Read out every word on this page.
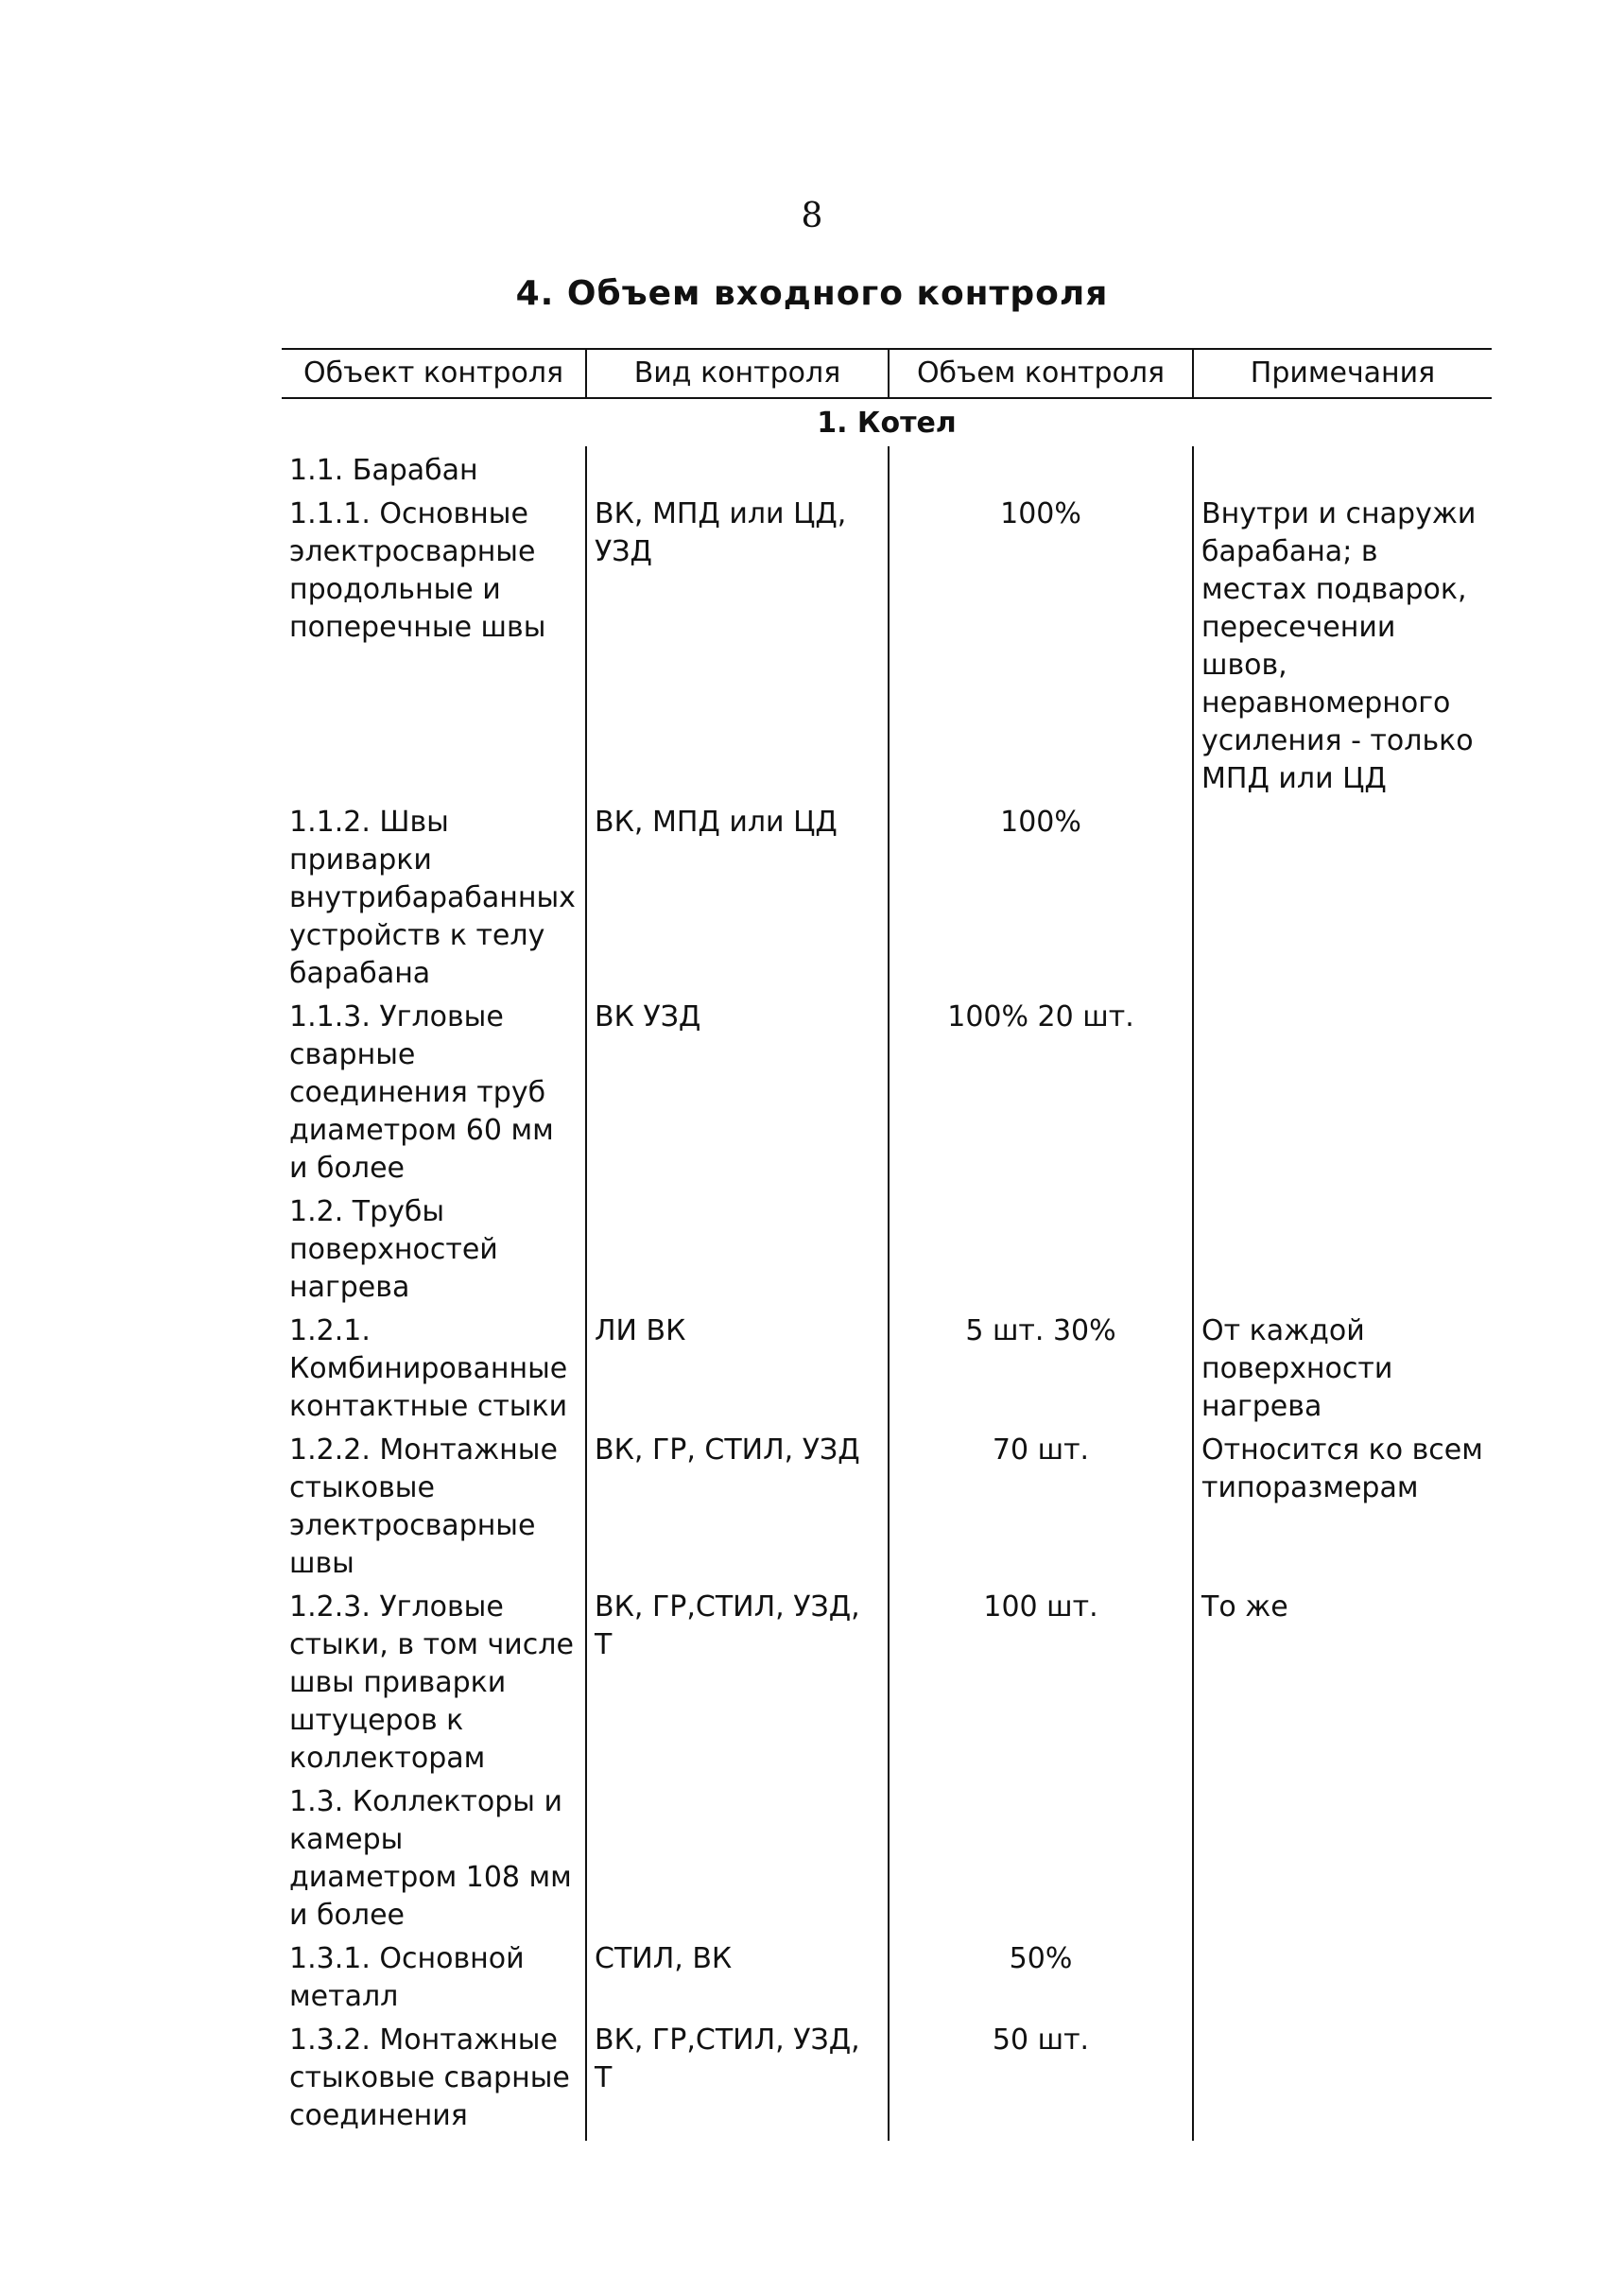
8
4. Объем входного контроля
Объект контроля	Вид контроля	Объем контроля	Примечания
1. Котел			
1.1. Барабан			
1.1.1. Основные электросварные продольные и поперечные швы	ВК, МПД или ЦД, УЗД	100%	Внутри и снаружи барабана; в местах подварок, пересечении швов, неравномерного усиления - только МПД или ЦД
1.1.2. Швы приварки внутрибарабанных устройств к телу барабана	ВК, МПД или ЦД	100%	
1.1.3. Угловые сварные соединения труб диаметром 60 мм и более	ВК УЗД	100% 20 шт.	
1.2. Трубы поверхностей нагрева			
1.2.1. Комбинированные контактные стыки	ЛИ ВК	5 шт. 30%	От каждой поверхности нагрева
1.2.2. Монтажные стыковые электросварные швы	ВК, ГР, СТИЛ, УЗД	70 шт.	Относится ко всем типоразмерам
1.2.3. Угловые стыки, в том числе швы приварки штуцеров к коллекторам	ВК, ГР,СТИЛ, УЗД, Т	100 шт.	То же
1.3. Коллекторы и камеры диаметром 108 мм и более			
1.3.1. Основной металл	СТИЛ, ВК	50%	
1.3.2. Монтажные стыковые сварные соединения	ВК, ГР,СТИЛ, УЗД, Т	50 шт.	
